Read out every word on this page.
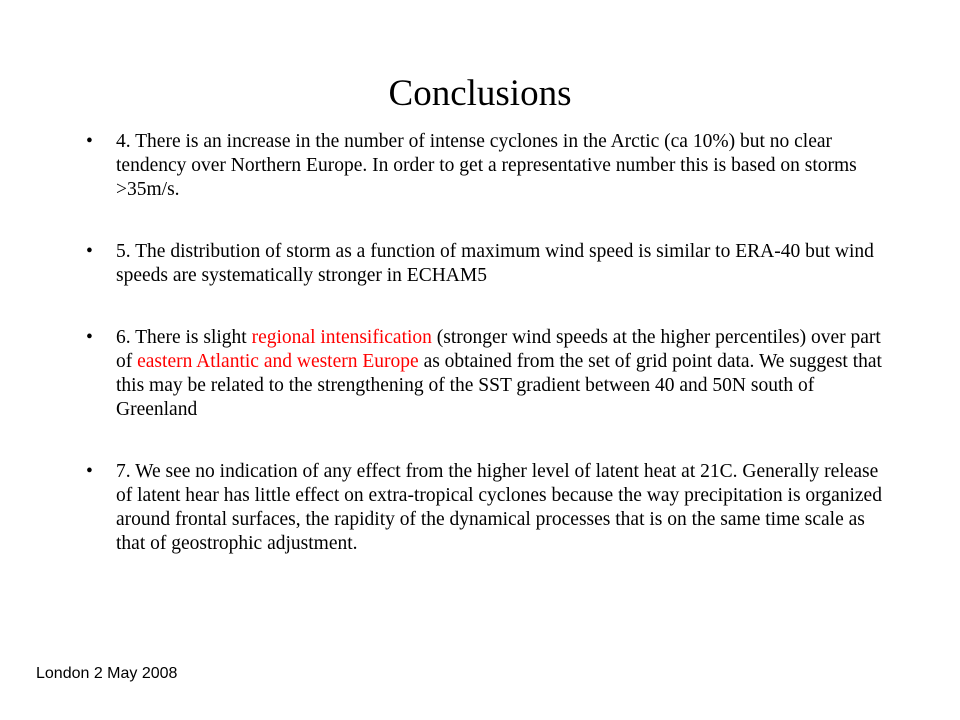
Conclusions
• 4. There is an increase in the number of intense cyclones in the Arctic (ca 10%) but no clear tendency over Northern Europe. In order to get a representative number this is based on storms >35m/s.
• 5. The distribution of storm as a function of maximum wind speed is similar to ERA-40 but wind speeds are systematically stronger in ECHAM5
• 6. There is slight regional intensification (stronger wind speeds at the higher percentiles) over part of eastern Atlantic and western Europe as obtained from the set of grid point data. We suggest that this may be related to the strengthening of the SST gradient between 40 and 50N south of Greenland
• 7. We see no indication of any effect from the higher level of latent heat at 21C. Generally release of latent hear has little effect on extra-tropical cyclones because the way precipitation is organized around frontal surfaces, the rapidity of the dynamical processes that is on the same time scale as that of geostrophic adjustment.
London 2 May 2008
